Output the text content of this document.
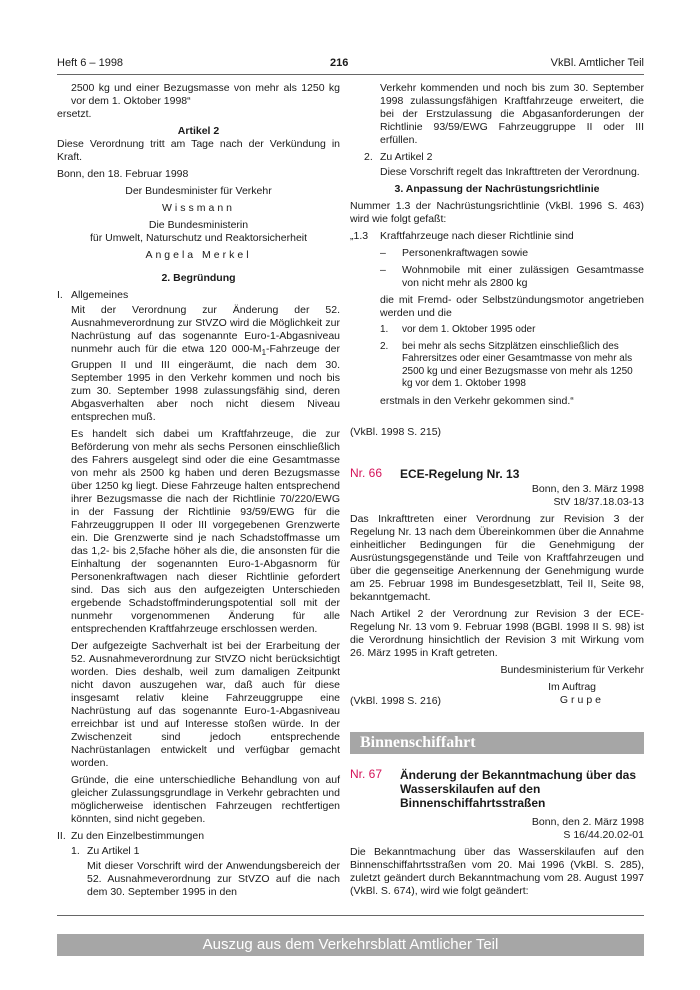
Heft 6 – 1998	216	VkBl. Amtlicher Teil

2500 kg und einer Bezugsmasse von mehr als 1250 kg vor dem 1. Oktober 1998“

ersetzt.

Artikel 2

Diese Verordnung tritt am Tage nach der Verkündung in Kraft.

Bonn, den 18. Februar 1998

Der Bundesminister für Verkehr

Wissmann

Die Bundesministerin

für Umwelt, Naturschutz und Reaktorsicherheit

Angela Merkel

2. Begründung

I. Allgemeines

Mit der Verordnung zur Änderung der 52. Ausnahmeverordnung zur StVZO wird die Möglichkeit zur Nachrüstung auf das sogenannte Euro-1-Abgasniveau nunmehr auch für die etwa 120 $000-M_1$-Fahrzeuge der Gruppen II und III eingeräumt, die nach dem 30. September 1995 in den Verkehr kommen und noch bis zum 30. September 1998 zulassungsfähig sind, deren Abgasverhalten aber noch nicht diesem Niveau entsprechen muß.

Es handelt sich dabei um Kraftfahrzeuge, die zur Beförderung von mehr als sechs Personen einschließlich des Fahrers ausgelegt sind oder die eine Gesamtmasse von mehr als 2500 kg haben und deren Bezugsmasse über 1250 kg liegt. Diese Fahrzeuge halten entsprechend ihrer Bezugsmasse die nach der Richtlinie 70/220/EWG in der Fassung der Richtlinie 93/59/EWG für die Fahrzeuggruppen II oder III vorgegebenen Grenzwerte ein. Die Grenzwerte sind je nach Schadstoffmasse um das 1,2- bis 2,5fache höher als die, die ansonsten für die Einhaltung der sogenannten Euro-1-Abgasnorm für Personenkraftwagen nach dieser Richtlinie gefordert sind. Das sich aus den aufgezeigten Unterschieden ergebende Schadstoffminderungspotential soll mit der nunmehr vorgenommenen Änderung für alle entsprechenden Kraftfahrzeuge erschlossen werden.

Der aufgezeigte Sachverhalt ist bei der Erarbeitung der 52. Ausnahmeverordnung zur StVZO nicht berücksichtigt worden. Dies deshalb, weil zum damaligen Zeitpunkt nicht davon auszugehen war, daß auch für diese insgesamt relativ kleine Fahrzeuggruppe eine Nachrüstung auf das sogenannte Euro-1-Abgasniveau erreichbar ist und auf Interesse stoßen würde. In der Zwischenzeit sind jedoch entsprechende Nachrüstanlagen entwickelt und verfügbar gemacht worden.

Gründe, die eine unterschiedliche Behandlung von auf gleicher Zulassungsgrundlage in Verkehr gebrachten und möglicherweise identischen Fahrzeugen rechtfertigen könnten, sind nicht gegeben.

II. Zu den Einzelbestimmungen
1. Zu Artikel 1

Mit dieser Vorschrift wird der Anwendungsbereich der 52. Ausnahmeverordnung zur StVZO auf die nach dem 30. September 1995 in den

Verkehr kommenden und noch bis zum 30. September 1998 zulassungsfähigen Kraftfahrzeuge erweitert, die bei der Erstzulassung die Abgasanforderungen der Richtlinie 93/59/EWG Fahrzeuggruppe II oder III erfüllen.

2. Zu Artikel 2

Diese Vorschrift regelt das Inkrafttreten der Verordnung.

3. Anpassung der Nachrüstungsrichtlinie

Nummer 1.3 der Nachrüstungsrichtlinie (VkBl. 1996 S. 463) wird wie folgt gefaßt:

„1.3 Kraftfahrzeuge nach dieser Richtlinie sind

– Personenkraftwagen sowie
– Wohnmobile mit einer zulässigen Gesamtmasse von nicht mehr als 2800 kg

die mit Fremd- oder Selbstzündungsmotor angetrieben werden und die

1. vor dem 1. Oktober 1995 oder
2. bei mehr als sechs Sitzplätzen einschließlich des Fahrersitzes oder einer Gesamtmasse von mehr als 2500 kg und einer Bezugsmasse von mehr als 1250 kg vor dem 1. Oktober 1998

erstmals in den Verkehr gekommen sind.“

(VkBl. 1998 S. 215)

Nr. 66	ECE-Regelung Nr. 13

Bonn, den 3. März 1998

StV 18/37.18.03-13

Das Inkrafttreten einer Verordnung zur Revision 3 der Regelung Nr. 13 nach dem Übereinkommen über die Annahme einheitlicher Bedingungen für die Genehmigung der Ausrüstungsgegenstände und Teile von Kraftfahrzeugen und über die gegenseitige Anerkennung der Genehmigung wurde am 25. Februar 1998 im Bundesgesetzblatt, Teil II, Seite 98, bekanntgemacht.

Nach Artikel 2 der Verordnung zur Revision 3 der ECE-Regelung Nr. 13 vom 9. Februar 1998 (BGBl. 1998 II S. 98) ist die Verordnung hinsichtlich der Revision 3 mit Wirkung vom 26. März 1995 in Kraft getreten.

Bundesministerium für Verkehr

Im Auftrag

Grupe

(VkBl. 1998 S. 216)

Binnenschiffahrt
Nr. 67	Änderung der Bekanntmachung über das Wasserskilaufen auf den Binnenschiffahrtsstraßen

Bonn, den 2. März 1998

S 16/44.20.02-01

Die Bekanntmachung über das Wasserskilaufen auf den Binnenschiffahrtsstraßen vom 20. Mai 1996 (VkBl. S. 285), zuletzt geändert durch Bekanntmachung vom 28. August 1997 (VkBl. S. 674), wird wie folgt geändert:

Auszug aus dem Verkehrsblatt Amtlicher Teil
